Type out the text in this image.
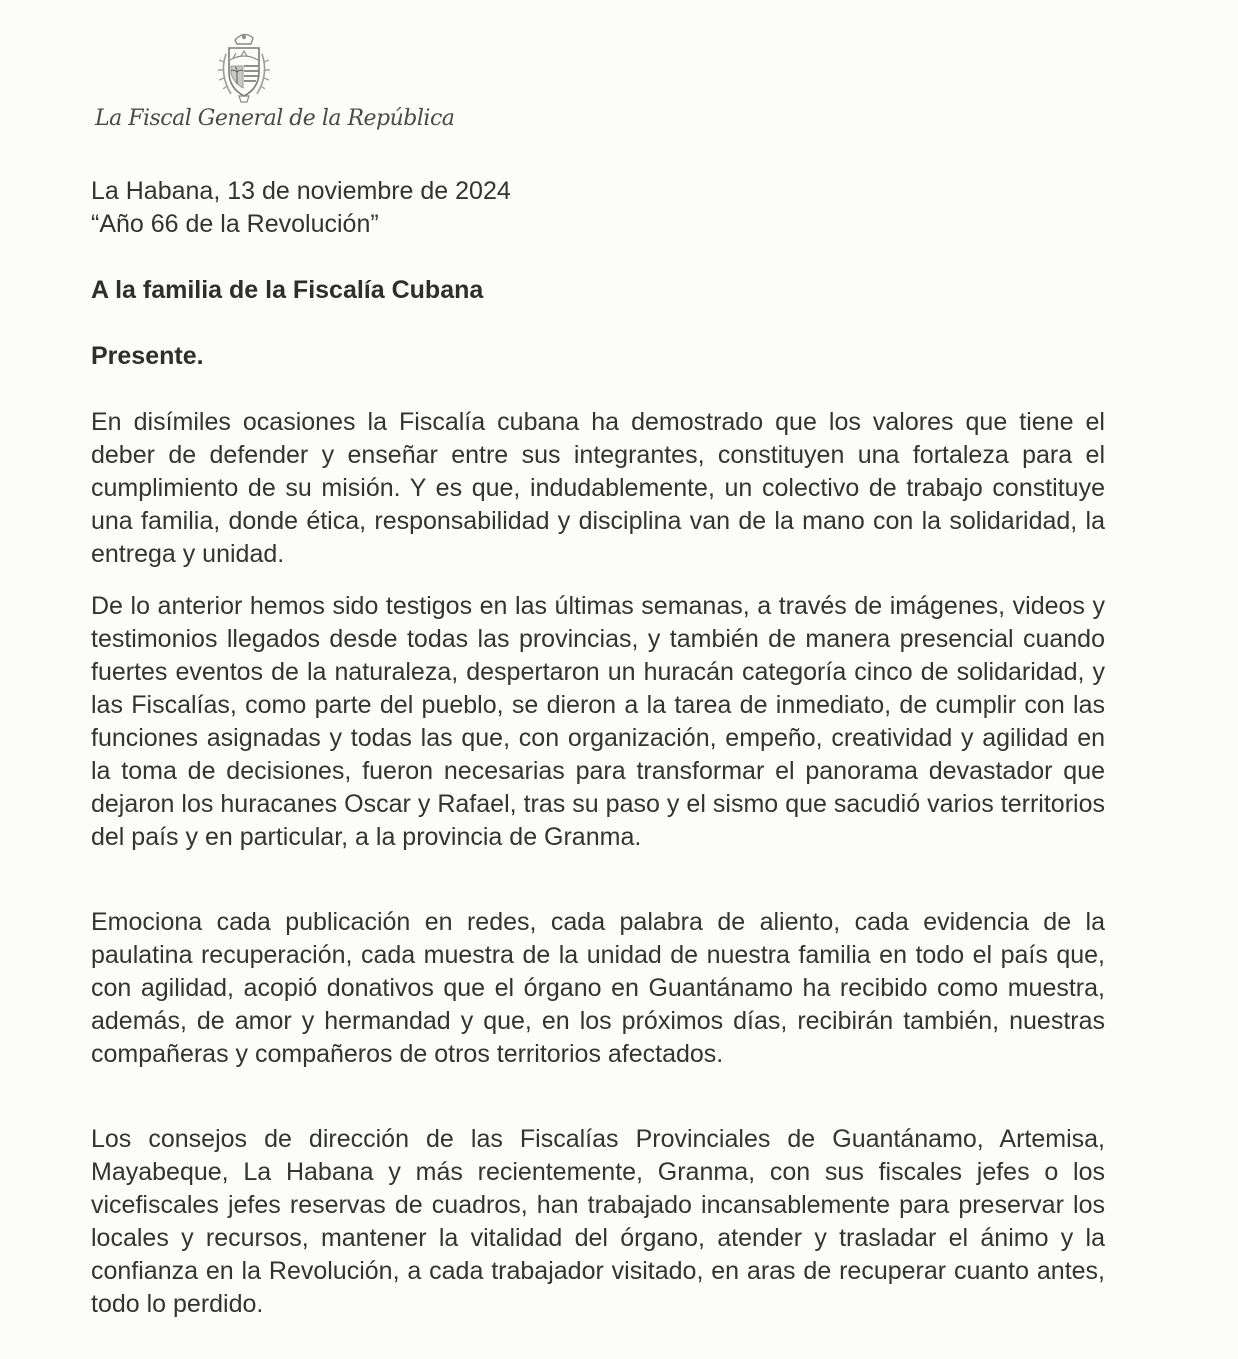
La Fiscal General de la República
La Habana, 13 de noviembre de 2024
“Año 66 de la Revolución”
A la familia de la Fiscalía Cubana
Presente.
En disímiles ocasiones la Fiscalía cubana ha demostrado que los valores que tiene el deber de defender y enseñar entre sus integrantes, constituyen una fortaleza para el cumplimiento de su misión. Y es que, indudablemente, un colectivo de trabajo constituye una familia, donde ética, responsabilidad y disciplina van de la mano con la solidaridad, la entrega y unidad.
De lo anterior hemos sido testigos en las últimas semanas, a través de imágenes, videos y testimonios llegados desde todas las provincias, y también de manera presencial cuando fuertes eventos de la naturaleza, despertaron un huracán categoría cinco de solidaridad, y las Fiscalías, como parte del pueblo, se dieron a la tarea de inmediato, de cumplir con las funciones asignadas y todas las que, con organización, empeño, creatividad y agilidad en la toma de decisiones, fueron necesarias para transformar el panorama devastador que dejaron los huracanes Oscar y Rafael, tras su paso y el sismo que sacudió varios territorios del país y en particular, a la provincia de Granma.
Emociona cada publicación en redes, cada palabra de aliento, cada evidencia de la paulatina recuperación, cada muestra de la unidad de nuestra familia en todo el país que, con agilidad, acopió donativos que el órgano en Guantánamo ha recibido como muestra, además, de amor y hermandad y que, en los próximos días, recibirán también, nuestras compañeras y compañeros de otros territorios afectados.
Los consejos de dirección de las Fiscalías Provinciales de Guantánamo, Artemisa, Mayabeque, La Habana y más recientemente, Granma, con sus fiscales jefes o los vicefiscales jefes reservas de cuadros, han trabajado incansablemente para preservar los locales y recursos, mantener la vitalidad del órgano, atender y trasladar el ánimo y la confianza en la Revolución, a cada trabajador visitado, en aras de recuperar cuanto antes, todo lo perdido.
